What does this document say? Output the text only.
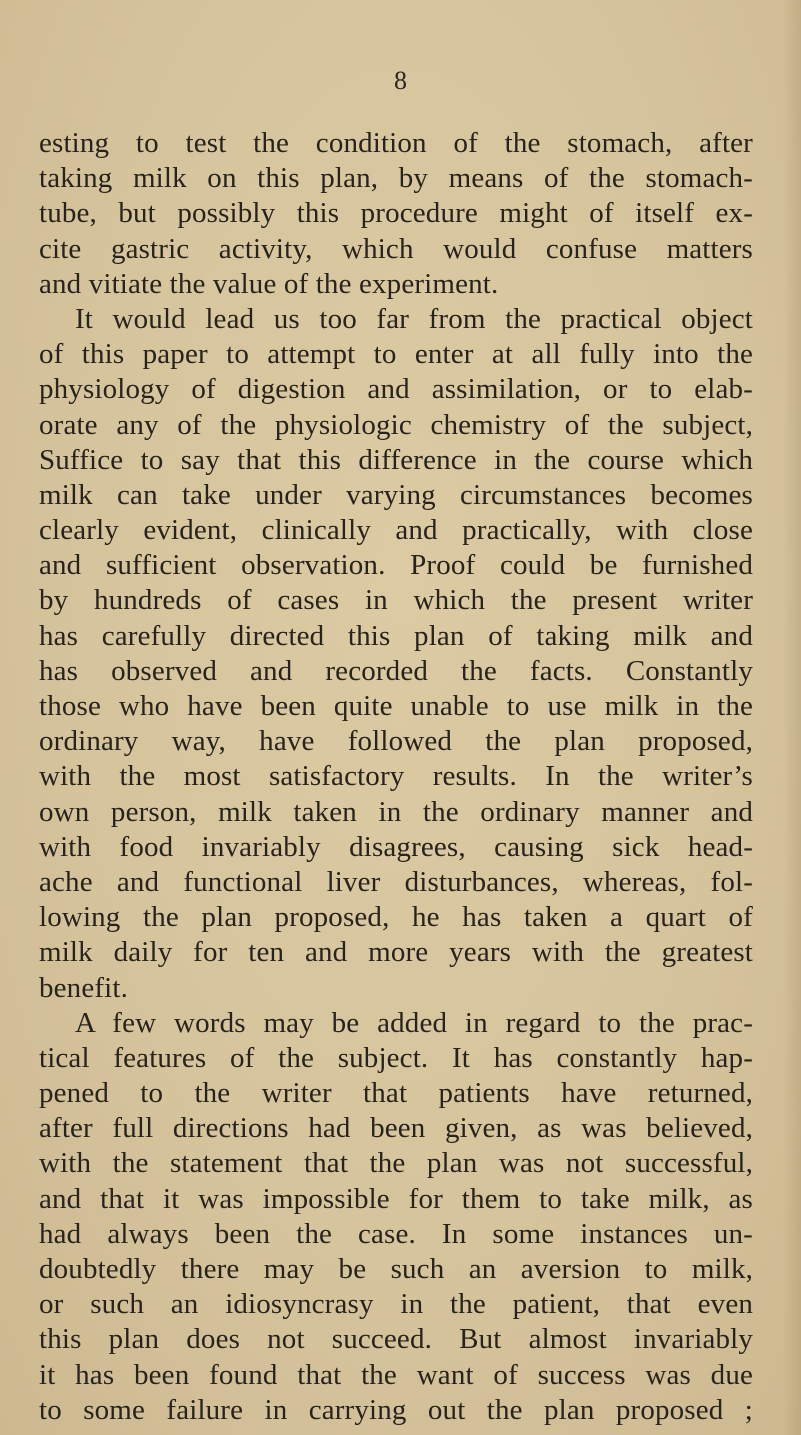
8
esting to test the condition of the stomach, after
taking milk on this plan, by means of the stomach-
tube, but possibly this procedure might of itself ex-
cite gastric activity, which would confuse matters
and vitiate the value of the experiment.
It would lead us too far from the practical object
of this paper to attempt to enter at all fully into the
physiology of digestion and assimilation, or to elab-
orate any of the physiologic chemistry of the subject,
Suffice to say that this difference in the course which
milk can take under varying circumstances becomes
clearly evident, clinically and practically, with close
and sufficient observation. Proof could be furnished
by hundreds of cases in which the present writer
has carefully directed this plan of taking milk and
has observed and recorded the facts. Constantly
those who have been quite unable to use milk in the
ordinary way, have followed the plan proposed,
with the most satisfactory results. In the writer’s
own person, milk taken in the ordinary manner and
with food invariably disagrees, causing sick head-
ache and functional liver disturbances, whereas, fol-
lowing the plan proposed, he has taken a quart of
milk daily for ten and more years with the greatest
benefit.
A few words may be added in regard to the prac-
tical features of the subject. It has constantly hap-
pened to the writer that patients have returned,
after full directions had been given, as was believed,
with the statement that the plan was not successful,
and that it was impossible for them to take milk, as
had always been the case. In some instances un-
doubtedly there may be such an aversion to milk,
or such an idiosyncrasy in the patient, that even
this plan does not succeed. But almost invariably
it has been found that the want of success was due
to some failure in carrying out the plan proposed ;
